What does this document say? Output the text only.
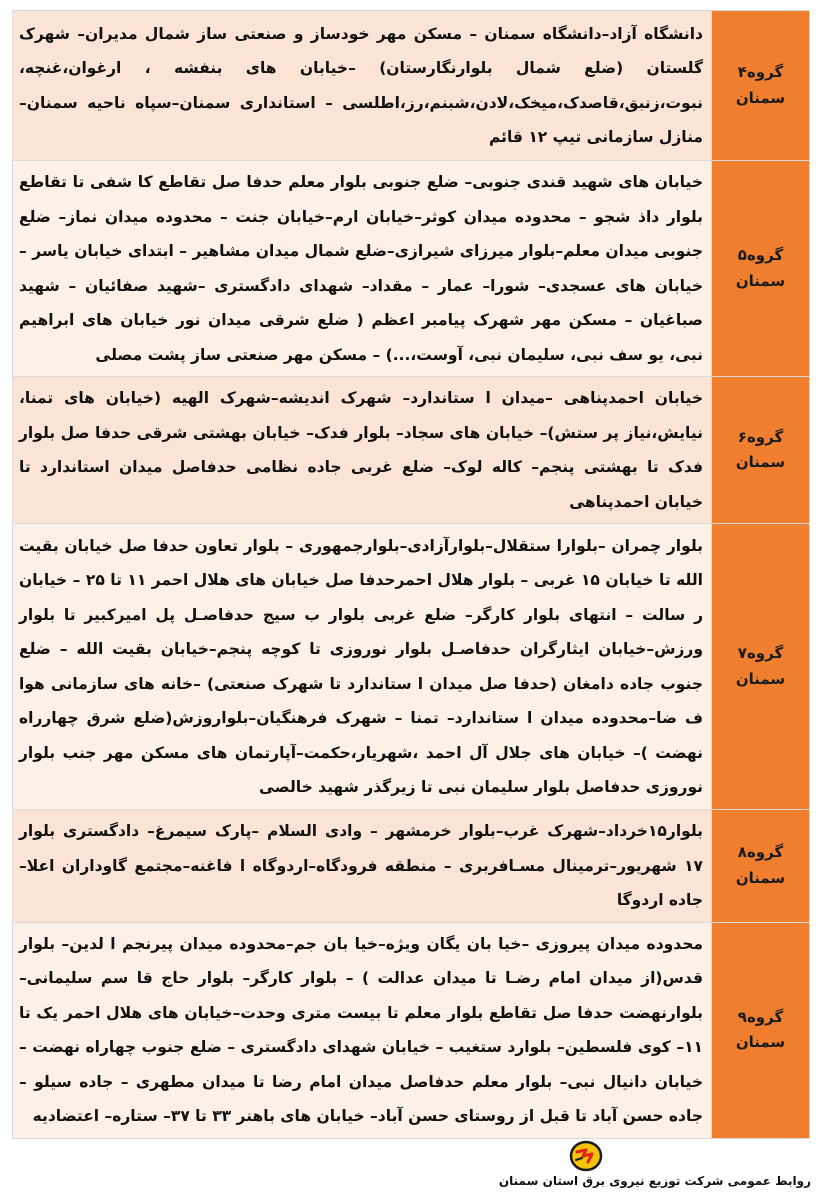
گروه۴
سمنان	دانشگاه آزاد–دانشگاه سمنان – مسکن مهر خودساز و صنعتی ساز شمال مدیران– شهرک گلستان (ضلع شمال بلوارنگارستان) –خیابان های بنفشه ، ارغوان،غنچه، نبوت،زنبق،قاصدک،میخک،لادن،شبنم،رز،اطلسی – استانداری سمنان–سپاه ناحیه سمنان– منازل سازمانی تیپ ۱۲ قائم

گروه۵
سمنان	خیابان های شهید قندی جنوبی– ضلع جنوبی بلوار معلم حدفا صل تقاطع کا شفی تا تقاطع بلوار داذ شجو – محدوده میدان کوثر–خیابان ارم–خیابان جنت – محدوده میدان نماز– ضلع جنوبی میدان معلم–بلوار میرزای شیرازی–ضلع شمال میدان مشاهیر – ابتدای خیابان یاسر – خیابان های عسجدی– شورا– عمار – مقداد– شهدای دادگستری –شهید صفائیان – شهید صباغیان – مسکن مهر شهرک پیامبر اعظم ( ضلع شرقی میدان نور خیابان های ابراهیم نبی، یو سف نبی، سلیمان نبی، آوست،...) – مسکن مهر صنعتی ساز پشت مصلی

گروه۶
سمنان	خیابان احمدپناهی –میدان ا ستاندارد– شهرک اندیشه–شهرک الهیه (خیابان های تمنا، نیایش،نیاز پر ستش)– خیابان های سجاد– بلوار فدک– خیابان بهشتی شرقی حدفا صل بلوار فدک تا بهشتی پنجم– کاله لوک– ضلع غربی جاده نظامی حدفاصل میدان استاندارد تا خیابان احمدپناهی

گروه۷
سمنان	بلوار چمران –بلوارا ستقلال–بلوارآزادی–بلوارجمهوری – بلوار تعاون حدفا صل خیابان بقیت الله تا خیابان ۱۵ غربی – بلوار هلال احمرحدفا صل خیابان های هلال احمر ۱۱ تا ۲۵ – خیابان ر سالت – انتهای بلوار کارگر– ضلع غربی بلوار ب سیج حدفاصـل پل امیرکبیر تا بلوار ورزش–خیابان ایثارگران حدفاصـل بلوار نوروزی تا کوچه پنجم–خیابان بقیت الله – ضلع جنوب جاده دامغان (حدفا صل میدان ا ستاندارد تا شهرک صنعتی) –خانه های سازمانی هوا ف ضا–محدوده میدان ا ستاندارد– تمنا – شهرک فرهنگیان–بلواروزش(ضلع شرق چهارراه نهضت )– خیابان های جلال آل احمد ،شهریار،حکمت–آپارتمان های مسکن مهر جنب بلوار نوروزی حدفاصل بلوار سلیمان نبی تا زیرگذر شهید خالصی

گروه۸
سمنان	بلوار۱۵خرداد–شهرک غرب–بلوار خرمشهر – وادی السلام –پارک سیمرغ– دادگستری بلوار ۱۷ شهریور–ترمینال مسـافربری – منطقه فرودگاه–اردوگاه ا فاغنه–مجتمع گاوداران اعلا–جاده اردوگا

گروه۹
سمنان	محدوده میدان پیروزی –خیا بان یگان ویژه–خیا بان جم–محدوده میدان پیرنجم ا لدین– بلوار قدس(از میدان امام رضـا تا میدان عدالت ) – بلوار کارگر– بلوار حاج قا سم سلیمانی– بلوارنهضت حدفا صل تقاطع بلوار معلم تا بیست متری وحدت–خیابان های هلال احمر یک تا ۱۱– کوی فلسطین– بلوارد ستغیب – خیابان شهدای دادگستری – ضلع جنوب چهاراه نهضت –خیابان دانیال نبی– بلوار معلم حدفاصل میدان امام رضا تا میدان مطهری – جاده سیلو – جاده حسن آباد تا قبل از روستای حسن آباد– خیابان های باهنر ۳۳ تا ۳۷– ستاره– اعتضادیه
روابط عمومی شرکت توزیع نیروی برق استان سمنان
